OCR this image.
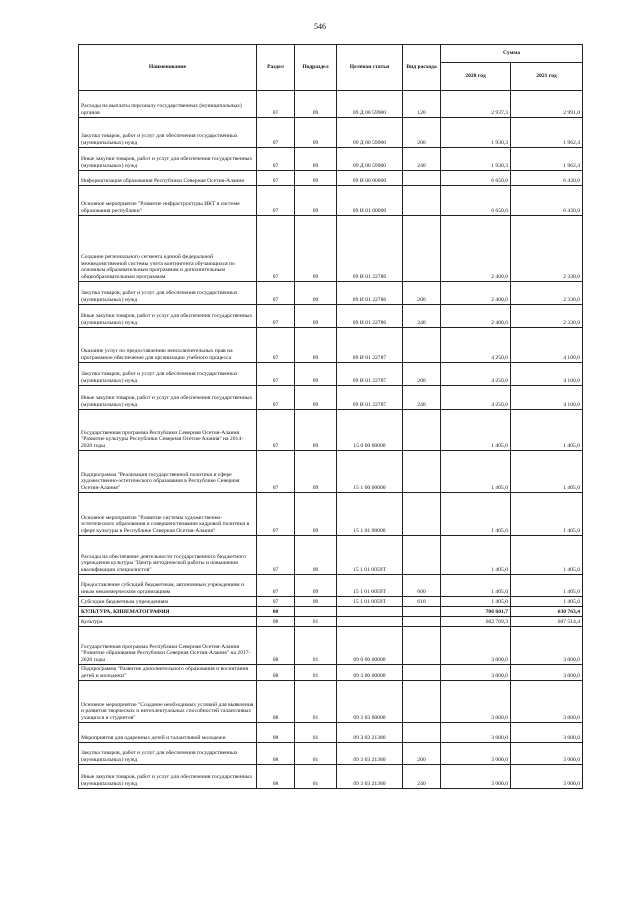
546
Наименование	Раздел	Подраздел	Целевая статья	Вид расхода	Сумма	
					2020 год	2021 год
Расходы на выплаты персоналу государственных (муниципальных) органов	07	09	09 Д 00 59900	120	2 937,3	2 991,0
Закупка товаров, работ и услуг для обеспечения государственных (муниципальных) нужд	07	09	09 Д 00 59900	200	1 930,3	1 962,4
Иные закупки товаров, работ и услуг для обеспечения государственных (муниципальных) нужд	07	09	09 Д 00 59900	240	1 930,3	1 962,4
Информатизация образования Республики Северная Осетия-Алания	07	09	09 И 00 00000		6 650,0	6 430,0
Основное мероприятие "Развитие инфраструктуры ИКТ в системе образования республики"	07	09	09 И 01 00000		6 650,0	6 430,0
Создание регионального сегмента единой федеральной межведомственной системы учета контингента обучающихся по основным образовательным программам и дополнительным общеобразовательным программам	07	09	09 И 01 22786		2 400,0	2 330,0
Закупка товаров, работ и услуг для обеспечения государственных (муниципальных) нужд	07	09	09 И 01 22786	200	2 400,0	2 330,0
Иные закупки товаров, работ и услуг для обеспечения государственных (муниципальных) нужд	07	09	09 И 01 22786	240	2 400,0	2 330,0
Оказание услуг по предоставлению неисключительных прав на программное обеспечение для организации учебного процесса	07	09	09 И 01 22787		4 250,0	4 100,0
Закупка товаров, работ и услуг для обеспечения государственных (муниципальных) нужд	07	09	09 И 01 22787	200	4 250,0	4 100,0
Иные закупки товаров, работ и услуг для обеспечения государственных (муниципальных) нужд	07	09	09 И 01 22787	240	4 250,0	4 100,0
Государственная программа Республики Северная Осетия-Алания "Развитие культуры Республики Северная Осетия-Алания" на 2014-2020 годы	07	09	15 0 00 00000		1 405,0	1 405,0
Подпрограмма "Реализация государственной политики в сфере художественно-эстетического образования в Республике Северная Осетия-Алания"	07	09	15 1 00 00000		1 405,0	1 405,0
Основное мероприятие "Развитие системы художественно-эстетического образования и совершенствование кадровой политики в сфере культуры в Республике Северная Осетия-Алания"	07	09	15 1 01 00000		1 405,0	1 405,0
Расходы на обеспечение деятельности государственного бюджетного учреждения культуры "Центр методической работы и повышения квалификации специалистов"	07	09	15 1 01 0059Т		1 405,0	1 405,0
Предоставление субсидий бюджетным, автономным учреждениям и иным некоммерческим организациям	07	09	15 1 01 0059Т	600	1 405,0	1 405,0
Субсидии бюджетным учреждениям	07	09	15 1 01 0059Т	610	1 405,0	1 405,0
КУЛЬТУРА, КИНЕМАТОГРАФИЯ	08				706 601,7	630 763,4
Культура	08	01			682 769,3	607 514,4
Государственная программа Республики Северная Осетия-Алания "Развитие образования Республики Северная Осетия-Алания" на 2017-2020 годы	08	01	09 0 00 00000		3 000,0	3 000,0
Подпрограмма "Развитие дополнительного образования и воспитания детей и молодежи"	08	01	09 3 00 00000		3 000,0	3 000,0
Основное мероприятие "Создание необходимых условий для выявления и развития творческих и интеллектуальных способностей талантливых учащихся и студентов"	08	01	09 3 03 00000		3 000,0	3 000,0
Мероприятия для одаренных детей и талантливой молодежи	08	01	09 3 03 21380		3 000,0	3 000,0
Закупка товаров, работ и услуг для обеспечения государственных (муниципальных) нужд	08	01	09 3 03 21380	200	3 000,0	3 000,0
Иные закупки товаров, работ и услуг для обеспечения государственных (муниципальных) нужд	08	01	09 3 03 21380	240	3 000,0	3 000,0
